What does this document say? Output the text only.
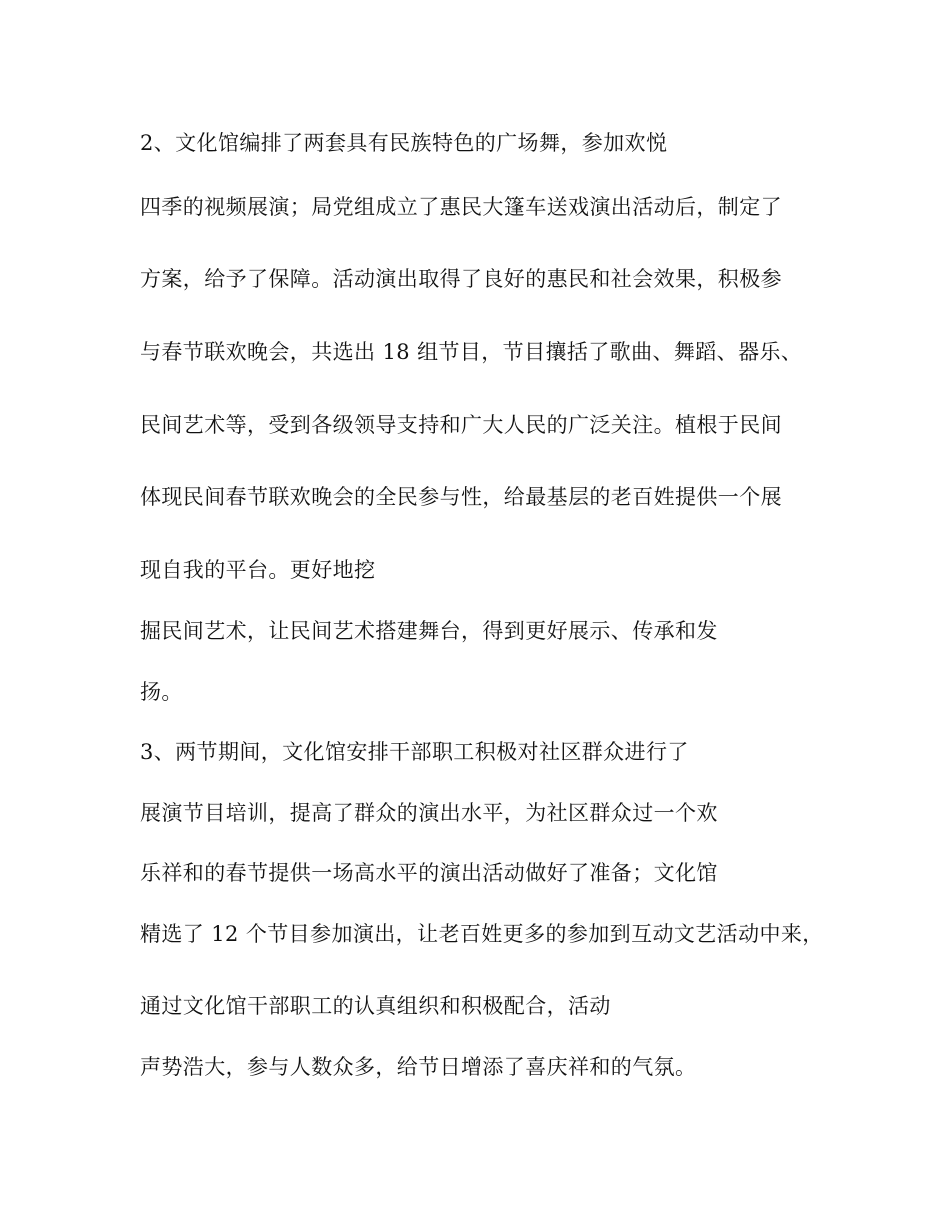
2、文化馆编排了两套具有民族特色的广场舞，参加欢悦

四季的视频展演；局党组成立了惠民大篷车送戏演出活动后，制定了

方案，给予了保障。活动演出取得了良好的惠民和社会效果，积极参

与春节联欢晚会，共选出 18 组节目，节目攘括了歌曲、舞蹈、器乐、

民间艺术等，受到各级领导支持和广大人民的广泛关注。植根于民间

体现民间春节联欢晚会的全民参与性，给最基层的老百姓提供一个展

现自我的平台。更好地挖

掘民间艺术，让民间艺术搭建舞台，得到更好展示、传承和发

扬。

3、两节期间，文化馆安排干部职工积极对社区群众进行了

展演节目培训，提高了群众的演出水平，为社区群众过一个欢

乐祥和的春节提供一场高水平的演出活动做好了准备；文化馆

精选了 12 个节目参加演出，让老百姓更多的参加到互动文艺活动中来，

通过文化馆干部职工的认真组织和积极配合，活动

声势浩大，参与人数众多，给节日增添了喜庆祥和的气氛。
